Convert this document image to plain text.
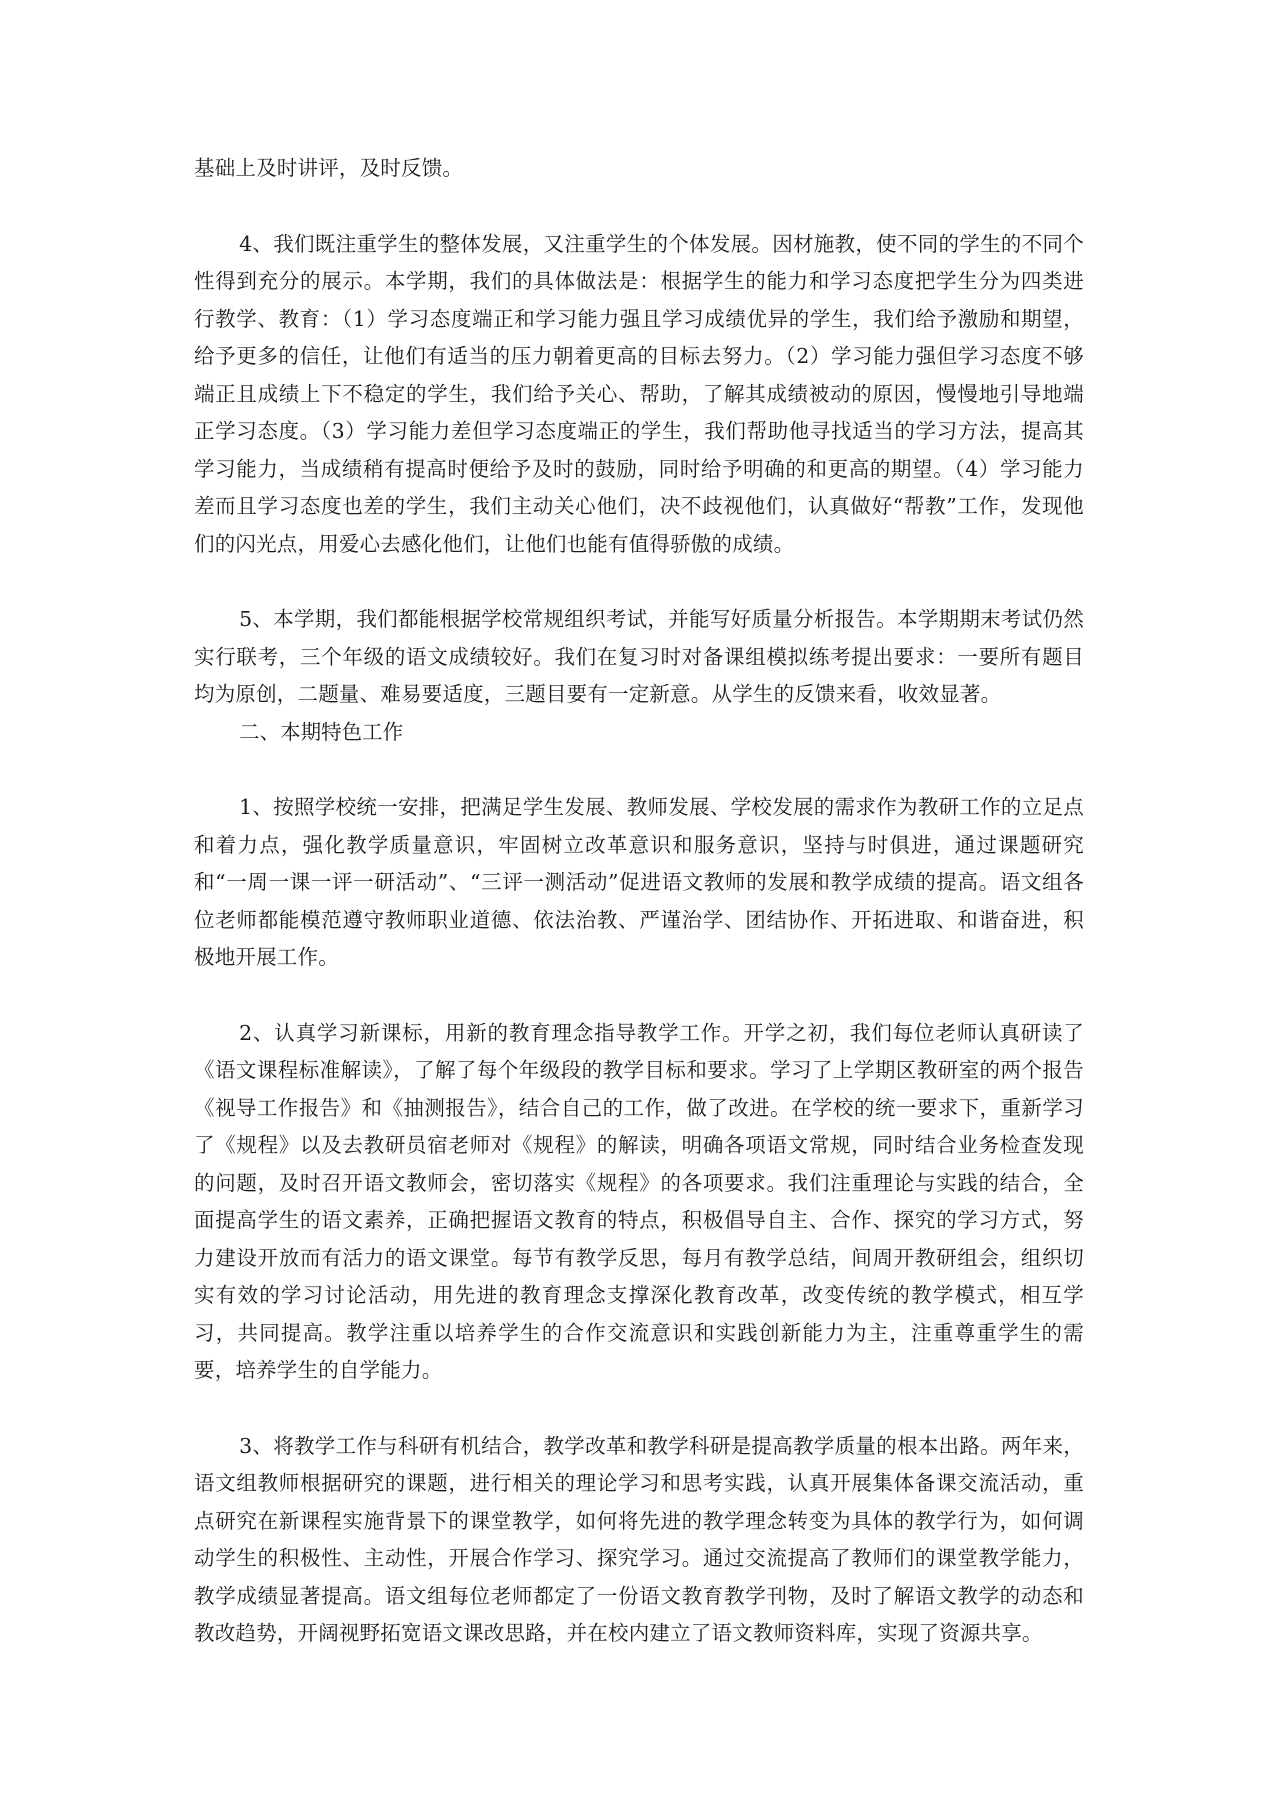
基础上及时讲评，及时反馈。

4、我们既注重学生的整体发展，又注重学生的个体发展。因材施教，使不同的学生的不同个性得到充分的展示。本学期，我们的具体做法是：根据学生的能力和学习态度把学生分为四类进行教学、教育：（1）学习态度端正和学习能力强且学习成绩优异的学生，我们给予激励和期望，给予更多的信任，让他们有适当的压力朝着更高的目标去努力。（2）学习能力强但学习态度不够端正且成绩上下不稳定的学生，我们给予关心、帮助，了解其成绩被动的原因，慢慢地引导地端正学习态度。（3）学习能力差但学习态度端正的学生，我们帮助他寻找适当的学习方法，提高其学习能力，当成绩稍有提高时便给予及时的鼓励，同时给予明确的和更高的期望。（4）学习能力差而且学习态度也差的学生，我们主动关心他们，决不歧视他们，认真做好“帮教”工作，发现他们的闪光点，用爱心去感化他们，让他们也能有值得骄傲的成绩。

5、本学期，我们都能根据学校常规组织考试，并能写好质量分析报告。本学期期末考试仍然实行联考，三个年级的语文成绩较好。我们在复习时对备课组模拟练考提出要求：一要所有题目均为原创，二题量、难易要适度，三题目要有一定新意。从学生的反馈来看，收效显著。

二、本期特色工作

1、按照学校统一安排，把满足学生发展、教师发展、学校发展的需求作为教研工作的立足点和着力点，强化教学质量意识，牢固树立改革意识和服务意识，坚持与时俱进，通过课题研究和“一周一课一评一研活动”、“三评一测活动”促进语文教师的发展和教学成绩的提高。语文组各位老师都能模范遵守教师职业道德、依法治教、严谨治学、团结协作、开拓进取、和谐奋进，积极地开展工作。

2、认真学习新课标，用新的教育理念指导教学工作。开学之初，我们每位老师认真研读了《语文课程标准解读》，了解了每个年级段的教学目标和要求。学习了上学期区教研室的两个报告《视导工作报告》和《抽测报告》，结合自己的工作，做了改进。在学校的统一要求下，重新学习了《规程》以及去教研员宿老师对《规程》的解读，明确各项语文常规，同时结合业务检查发现的问题，及时召开语文教师会，密切落实《规程》的各项要求。我们注重理论与实践的结合，全面提高学生的语文素养，正确把握语文教育的特点，积极倡导自主、合作、探究的学习方式，努力建设开放而有活力的语文课堂。每节有教学反思，每月有教学总结，间周开教研组会，组织切实有效的学习讨论活动，用先进的教育理念支撑深化教育改革，改变传统的教学模式，相互学习，共同提高。教学注重以培养学生的合作交流意识和实践创新能力为主，注重尊重学生的需要，培养学生的自学能力。

3、将教学工作与科研有机结合，教学改革和教学科研是提高教学质量的根本出路。两年来，语文组教师根据研究的课题，进行相关的理论学习和思考实践，认真开展集体备课交流活动，重点研究在新课程实施背景下的课堂教学，如何将先进的教学理念转变为具体的教学行为，如何调动学生的积极性、主动性，开展合作学习、探究学习。通过交流提高了教师们的课堂教学能力，教学成绩显著提高。语文组每位老师都定了一份语文教育教学刊物，及时了解语文教学的动态和教改趋势，开阔视野拓宽语文课改思路，并在校内建立了语文教师资料库，实现了资源共享。
